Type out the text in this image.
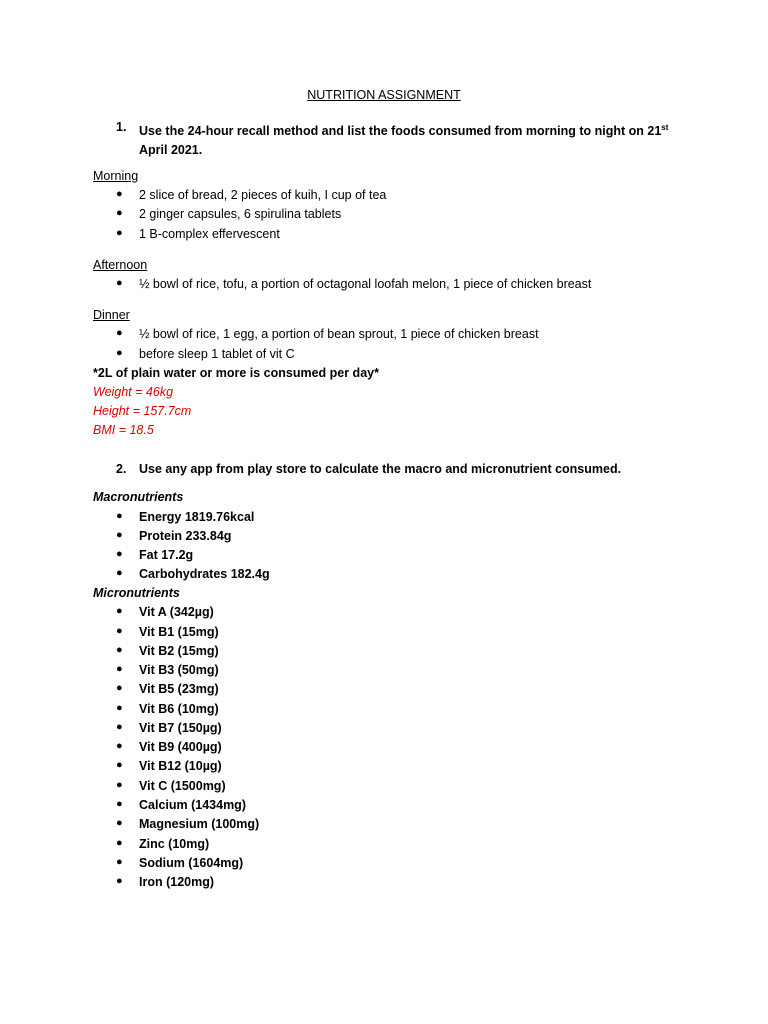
NUTRITION ASSIGNMENT
1. Use the 24-hour recall method and list the foods consumed from morning to night on 21st
April 2021.
Morning
● 2 slice of bread, 2 pieces of kuih, I cup of tea
● 2 ginger capsules, 6 spirulina tablets
● 1 B-complex effervescent
Afternoon
● ½ bowl of rice, tofu, a portion of octagonal loofah melon, 1 piece of chicken breast
Dinner
● ½ bowl of rice, 1 egg, a portion of bean sprout, 1 piece of chicken breast
● before sleep 1 tablet of vit C
*2L of plain water or more is consumed per day*
Weight = 46kg
Height = 157.7cm
BMI = 18.5
2. Use any app from play store to calculate the macro and micronutrient consumed.
Macronutrients
● Energy 1819.76kcal
● Protein 233.84g
● Fat 17.2g
● Carbohydrates 182.4g
Micronutrients
● Vit A (342µg)
● Vit B1 (15mg)
● Vit B2 (15mg)
● Vit B3 (50mg)
● Vit B5 (23mg)
● Vit B6 (10mg)
● Vit B7 (150µg)
● Vit B9 (400µg)
● Vit B12 (10µg)
● Vit C (1500mg)
● Calcium (1434mg)
● Magnesium (100mg)
● Zinc (10mg)
● Sodium (1604mg)
● Iron (120mg)
